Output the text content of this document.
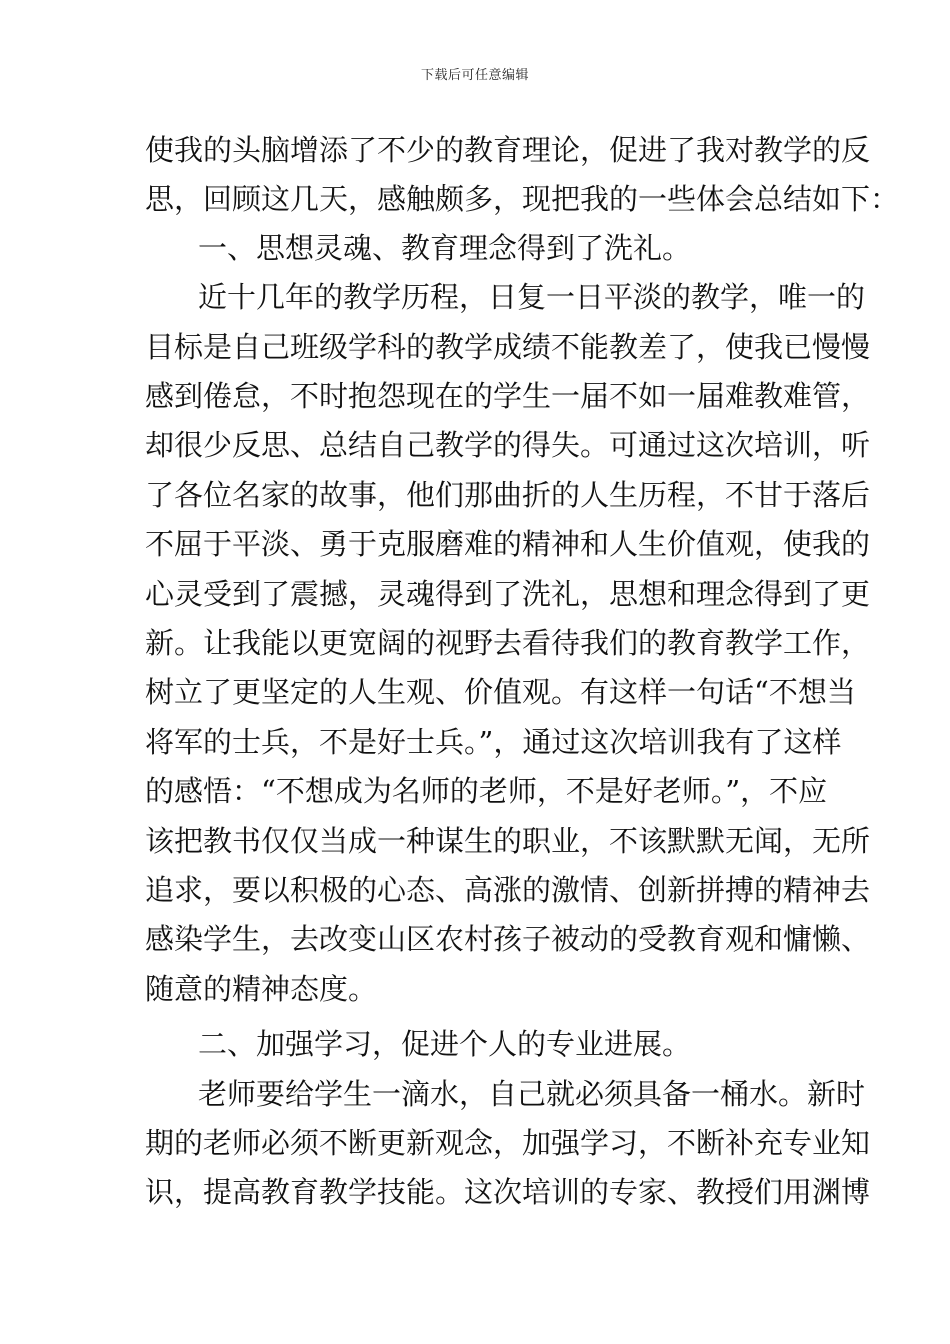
下载后可任意编辑
使我的头脑增添了不少的教育理论，促进了我对教学的反
思，回顾这几天，感触颇多，现把我的一些体会总结如下：
一、思想灵魂、教育理念得到了洗礼。
近十几年的教学历程，日复一日平淡的教学，唯一的
目标是自己班级学科的教学成绩不能教差了，使我已慢慢
感到倦怠，不时抱怨现在的学生一届不如一届难教难管，
却很少反思、总结自己教学的得失。可通过这次培训，听
了各位名家的故事，他们那曲折的人生历程，不甘于落后
不屈于平淡、勇于克服磨难的精神和人生价值观，使我的
心灵受到了震撼，灵魂得到了洗礼，思想和理念得到了更
新。让我能以更宽阔的视野去看待我们的教育教学工作，
树立了更坚定的人生观、价值观。有这样一句话“不想当
将军的士兵，不是好士兵。”，通过这次培训我有了这样
的感悟：“不想成为名师的老师，不是好老师。”，不应
该把教书仅仅当成一种谋生的职业，不该默默无闻，无所
追求，要以积极的心态、高涨的激情、创新拼搏的精神去
感染学生，去改变山区农村孩子被动的受教育观和慵懒、
随意的精神态度。
二、加强学习，促进个人的专业进展。
老师要给学生一滴水，自己就必须具备一桶水。新时
期的老师必须不断更新观念，加强学习，不断补充专业知
识，提高教育教学技能。这次培训的专家、教授们用渊博
